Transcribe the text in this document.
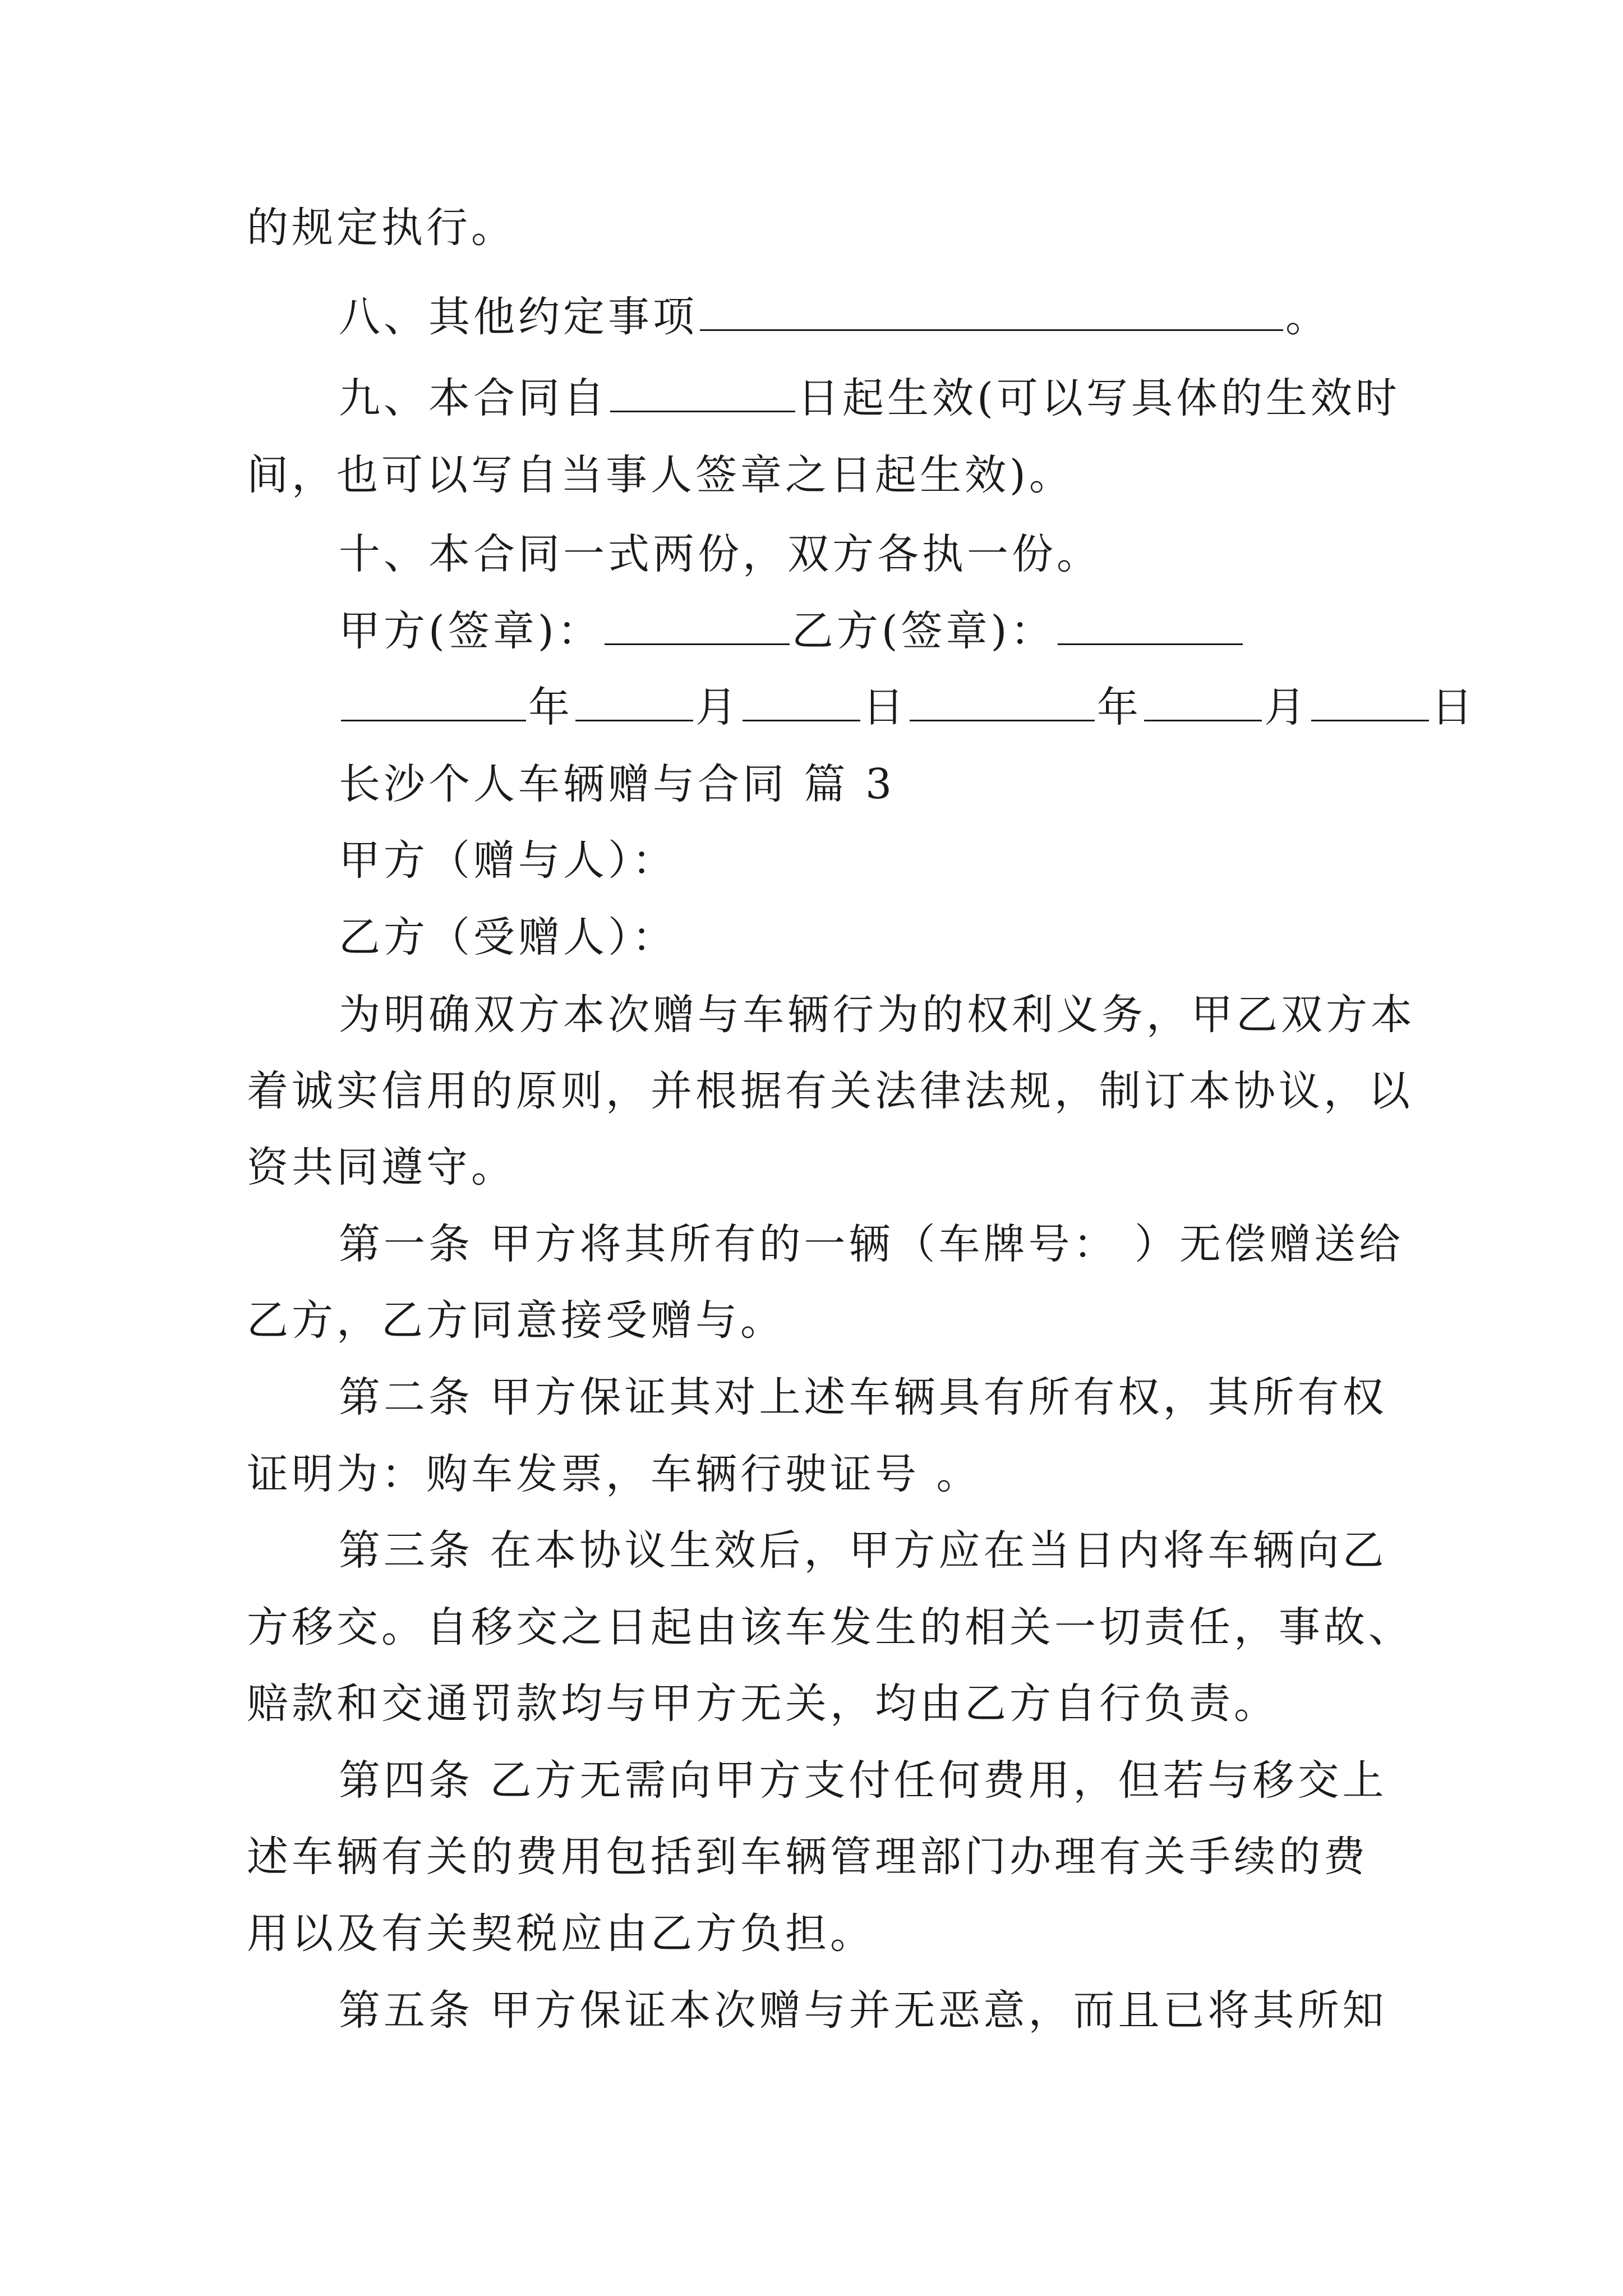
的规定执行。
八、其他约定事项	。
九、本合同自	日起生效(可以写具体的生效时
间，也可以写自当事人签章之日起生效)。
十、本合同一式两份，双方各执一份。
甲方(签章)：	乙方(签章)：
年	月	日	年	月	日
长沙个人车辆赠与合同 篇 3
甲方（赠与人）：
乙方（受赠人）：
为明确双方本次赠与车辆行为的权利义务，甲乙双方本
着诚实信用的原则，并根据有关法律法规，制订本协议，以
资共同遵守。
第一条 甲方将其所有的一辆（车牌号： ）无偿赠送给
乙方，乙方同意接受赠与。
第二条 甲方保证其对上述车辆具有所有权，其所有权
证明为：购车发票，车辆行驶证号 。
第三条 在本协议生效后，甲方应在当日内将车辆向乙
方移交。自移交之日起由该车发生的相关一切责任，事故、
赔款和交通罚款均与甲方无关，均由乙方自行负责。
第四条 乙方无需向甲方支付任何费用，但若与移交上
述车辆有关的费用包括到车辆管理部门办理有关手续的费
用以及有关契税应由乙方负担。
第五条 甲方保证本次赠与并无恶意，而且已将其所知
